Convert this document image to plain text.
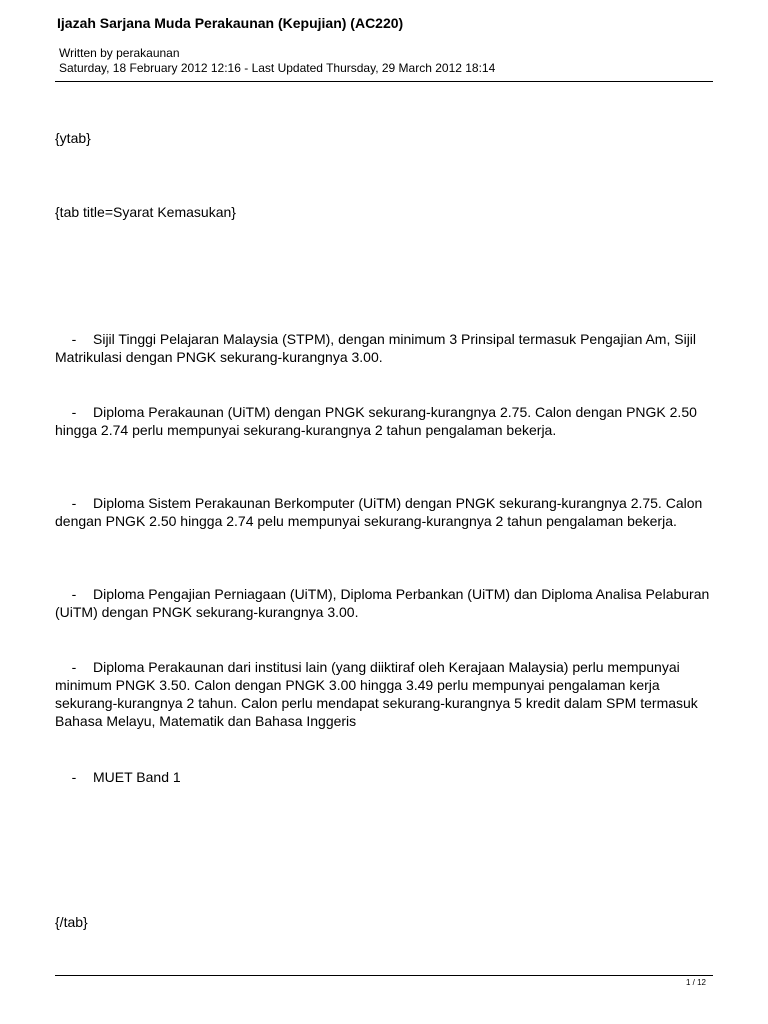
Ijazah Sarjana Muda Perakaunan (Kepujian) (AC220)
Written by perakaunan
Saturday, 18 February 2012 12:16 - Last Updated Thursday, 29 March 2012 18:14
{ytab}
{tab title=Syarat Kemasukan}
- Sijil Tinggi Pelajaran Malaysia (STPM), dengan minimum 3 Prinsipal termasuk Pengajian Am, Sijil Matrikulasi dengan PNGK sekurang-kurangnya 3.00.
- Diploma Perakaunan (UiTM) dengan PNGK sekurang-kurangnya 2.75. Calon dengan PNGK 2.50 hingga 2.74 perlu mempunyai sekurang-kurangnya 2 tahun pengalaman bekerja.
- Diploma Sistem Perakaunan Berkomputer (UiTM) dengan PNGK sekurang-kurangnya 2.75. Calon dengan PNGK 2.50 hingga 2.74 pelu mempunyai sekurang-kurangnya 2 tahun pengalaman bekerja.
- Diploma Pengajian Perniagaan (UiTM), Diploma Perbankan (UiTM) dan Diploma Analisa Pelaburan (UiTM) dengan PNGK sekurang-kurangnya 3.00.
- Diploma Perakaunan dari institusi lain (yang diiktiraf oleh Kerajaan Malaysia) perlu mempunyai minimum PNGK 3.50. Calon dengan PNGK 3.00 hingga 3.49 perlu mempunyai pengalaman kerja sekurang-kurangnya 2 tahun. Calon perlu mendapat sekurang-kurangnya 5 kredit dalam SPM termasuk Bahasa Melayu, Matematik dan Bahasa Inggeris
- MUET Band 1
{/tab}
1 / 12
